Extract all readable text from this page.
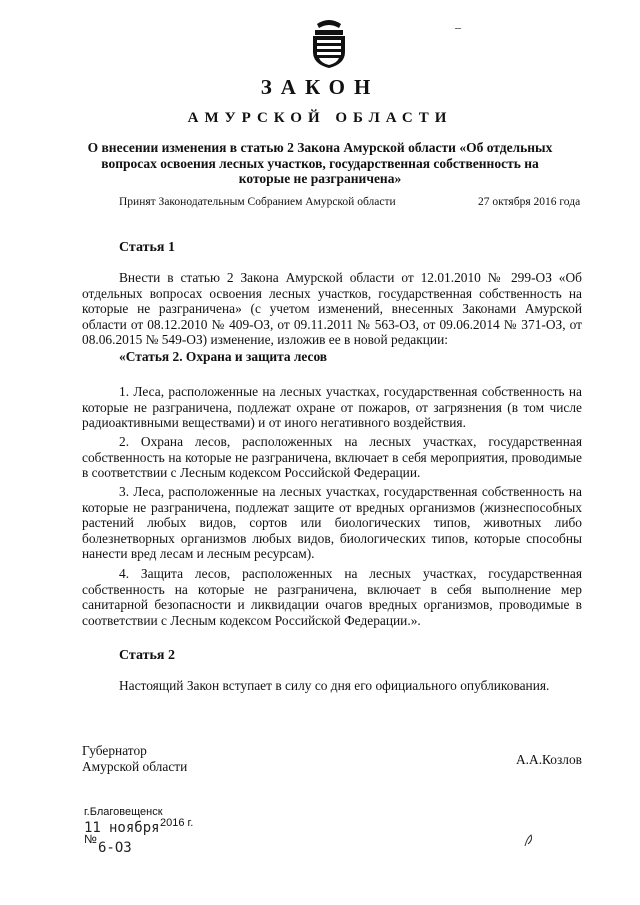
–
ЗАКОН
АМУРСКОЙ ОБЛАСТИ
О внесении изменения в статью 2 Закона Амурской области «Об отдельных вопросах освоения лесных участков, государственная собственность на которые не разграничена»
Принят Законодательным Собранием Амурской области	27 октября 2016 года
Статья 1
Внести в статью 2 Закона Амурской области от 12.01.2010 № 299-ОЗ «Об отдельных вопросах освоения лесных участков, государственная собственность на которые не разграничена» (с учетом изменений, внесенных Законами Амурской области от 08.12.2010 № 409-ОЗ, от 09.11.2011 № 563-ОЗ, от 09.06.2014 № 371-ОЗ, от 08.06.2015 № 549-ОЗ) изменение, изложив ее в новой редакции:
«Статья 2. Охрана и защита лесов
1. Леса, расположенные на лесных участках, государственная собственность на которые не разграничена, подлежат охране от пожаров, от загрязнения (в том числе радиоактивными веществами) и от иного негативного воздействия.
2. Охрана лесов, расположенных на лесных участках, государственная собственность на которые не разграничена, включает в себя мероприятия, проводимые в соответствии с Лесным кодексом Российской Федерации.
3. Леса, расположенные на лесных участках, государственная собственность на которые не разграничена, подлежат защите от вредных организмов (жизнеспособных растений любых видов, сортов или биологических типов, животных либо болезнетворных организмов любых видов, биологических типов, которые способны нанести вред лесам и лесным ресурсам).
4. Защита лесов, расположенных на лесных участках, государственная собственность на которые не разграничена, включает в себя выполнение мер санитарной безопасности и ликвидации очагов вредных организмов, проводимые в соответствии с Лесным кодексом Российской Федерации.».
Статья 2
Настоящий Закон вступает в силу со дня его официального опубликования.
Губернатор
Амурской области	А.А.Козлов
г.Благовещенск
11 ноября 2016 г.
№
6-ОЗ
